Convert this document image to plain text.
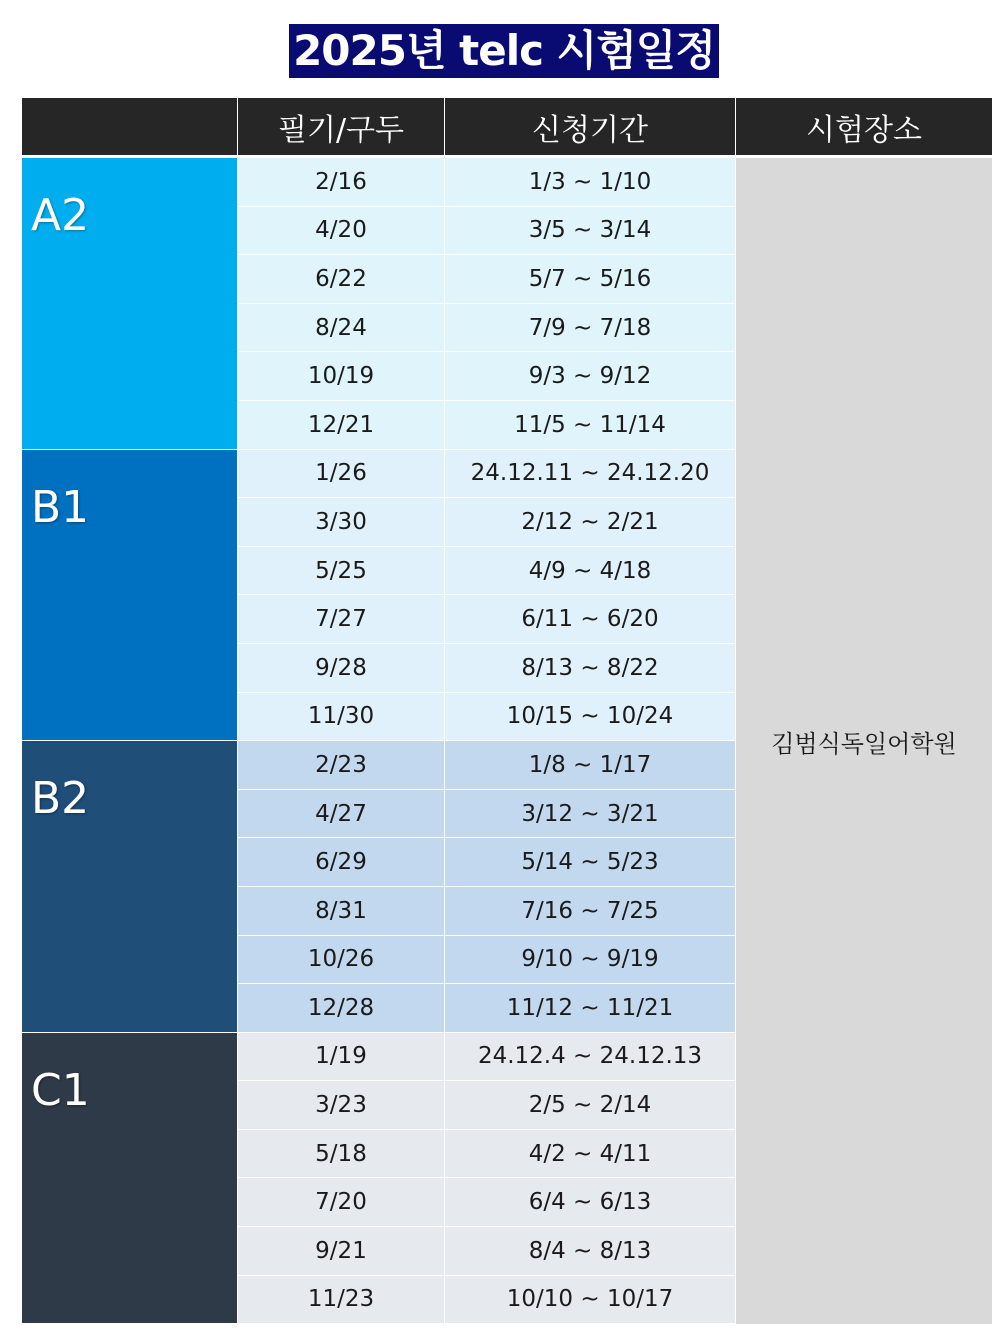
2025년 telc 시험일정
필기/구두	신청기간	시험장소
김범식독일어학원
A2
2/16	1/3 ~ 1/10
4/20	3/5 ~ 3/14
6/22	5/7 ~ 5/16
8/24	7/9 ~ 7/18
10/19	9/3 ~ 9/12
12/21	11/5 ~ 11/14
B1
1/26	24.12.11 ~ 24.12.20
3/30	2/12 ~ 2/21
5/25	4/9 ~ 4/18
7/27	6/11 ~ 6/20
9/28	8/13 ~ 8/22
11/30	10/15 ~ 10/24
B2
2/23	1/8 ~ 1/17
4/27	3/12 ~ 3/21
6/29	5/14 ~ 5/23
8/31	7/16 ~ 7/25
10/26	9/10 ~ 9/19
12/28	11/12 ~ 11/21
C1
1/19	24.12.4 ~ 24.12.13
3/23	2/5 ~ 2/14
5/18	4/2 ~ 4/11
7/20	6/4 ~ 6/13
9/21	8/4 ~ 8/13
11/23	10/10 ~ 10/17
